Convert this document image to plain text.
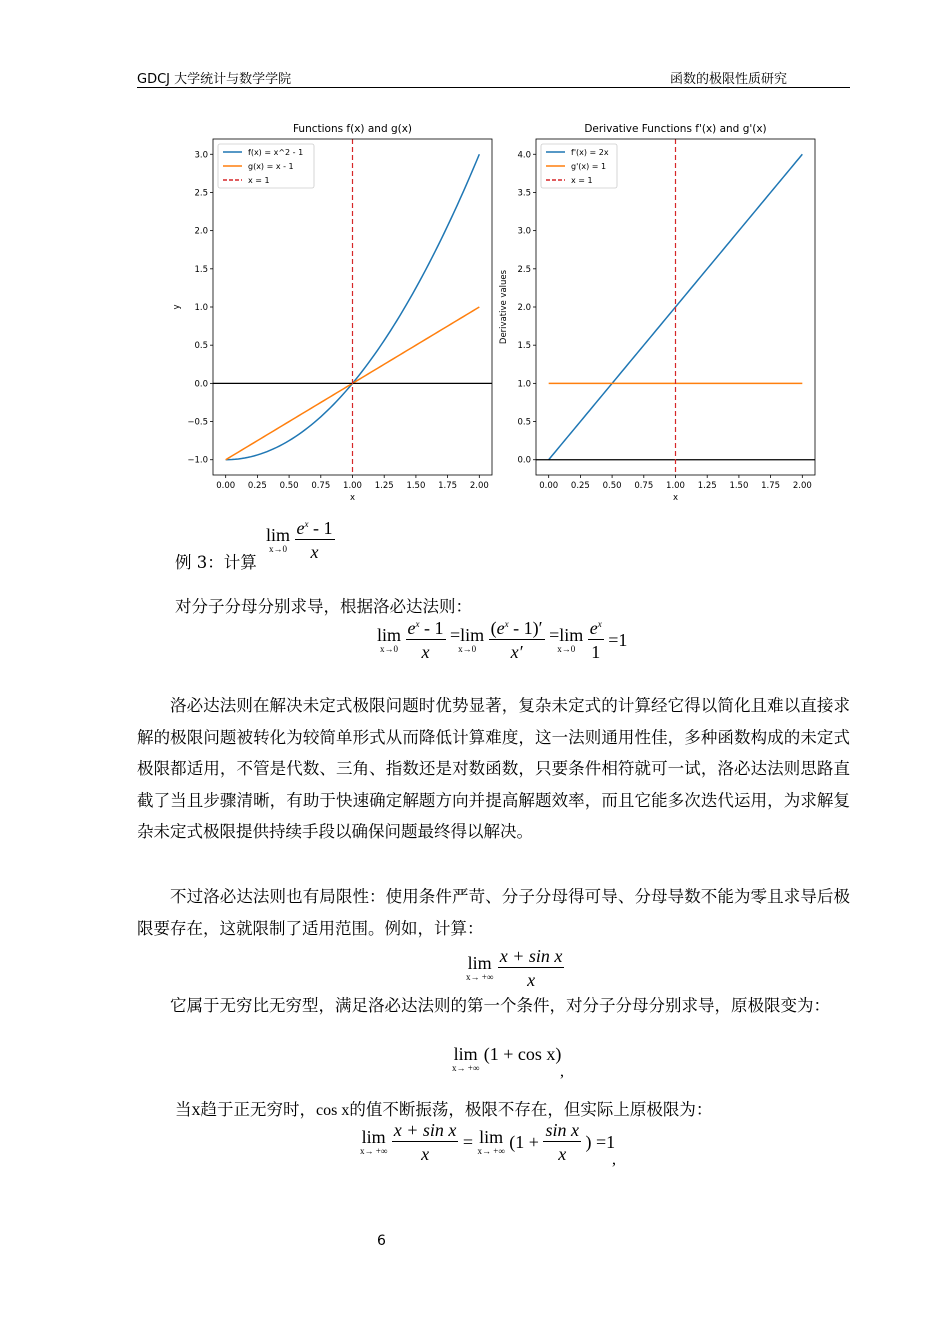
GDCJ 大学统计与数学学院	函数的极限性质研究
Functions f(x) and g(x)
0.00 0.25 0.50 0.75 1.00 1.25 1.50 1.75 2.00
−1.0
−0.5
0.0
0.5
1.0
1.5
2.0
2.5
3.0
x
y
f(x) = x^2 - 1
g(x) = x - 1
x = 1
Derivative Functions f'(x) and g'(x)
0.00 0.25 0.50 0.75 1.00 1.25 1.50 1.75 2.00
0.0
0.5
1.0
1.5
2.0
2.5
3.0
3.5
4.0
x
Derivative values
f'(x) = 2x
g'(x) = 1
x = 1
例 3：计算
lim
x→0
$\frac{e^x - 1}{x}$
对分子分母分别求导，根据洛必达法则：
lim
x→0
$\frac{e^x - 1}{x} =\lim$
x→0
$\frac{(e^x - 1)'}{x'} =\lim$
x→0
$\frac{e^x}{1} =1$

洛必达法则在解决未定式极限问题时优势显著，复杂未定式的计算经它得以简化且难以直接求解的极限问题被转化为较简单形式从而降低计算难度，这一法则通用性佳，多种函数构成的未定式极限都适用，不管是代数、三角、指数还是对数函数，只要条件相符就可一试，洛必达法则思路直截了当且步骤清晰，有助于快速确定解题方向并提高解题效率，而且它能多次迭代运用，为求解复杂未定式极限提供持续手段以确保问题最终得以解决。

不过洛必达法则也有局限性：使用条件严苛、分子分母得可导、分母导数不能为零且求导后极限要存在，这就限制了适用范围。例如，计算：

lim
x→ +∞
$\frac{\text{x + sin x}}{x}$

它属于无穷比无穷型，满足洛必达法则的第一个条件，对分子分母分别求导，原极限变为：

lim
x→ +∞
(1 + cos x)
,
当x趋于正无穷时，cos x的值不断振荡，极限不存在，但实际上原极限为：
lim
x→ +∞
$\frac{\text{x + sin x}}{x} = \lim$
x→ +∞ ($1 + \frac{\text{sin x}}{x}$ ) =1
,
6
